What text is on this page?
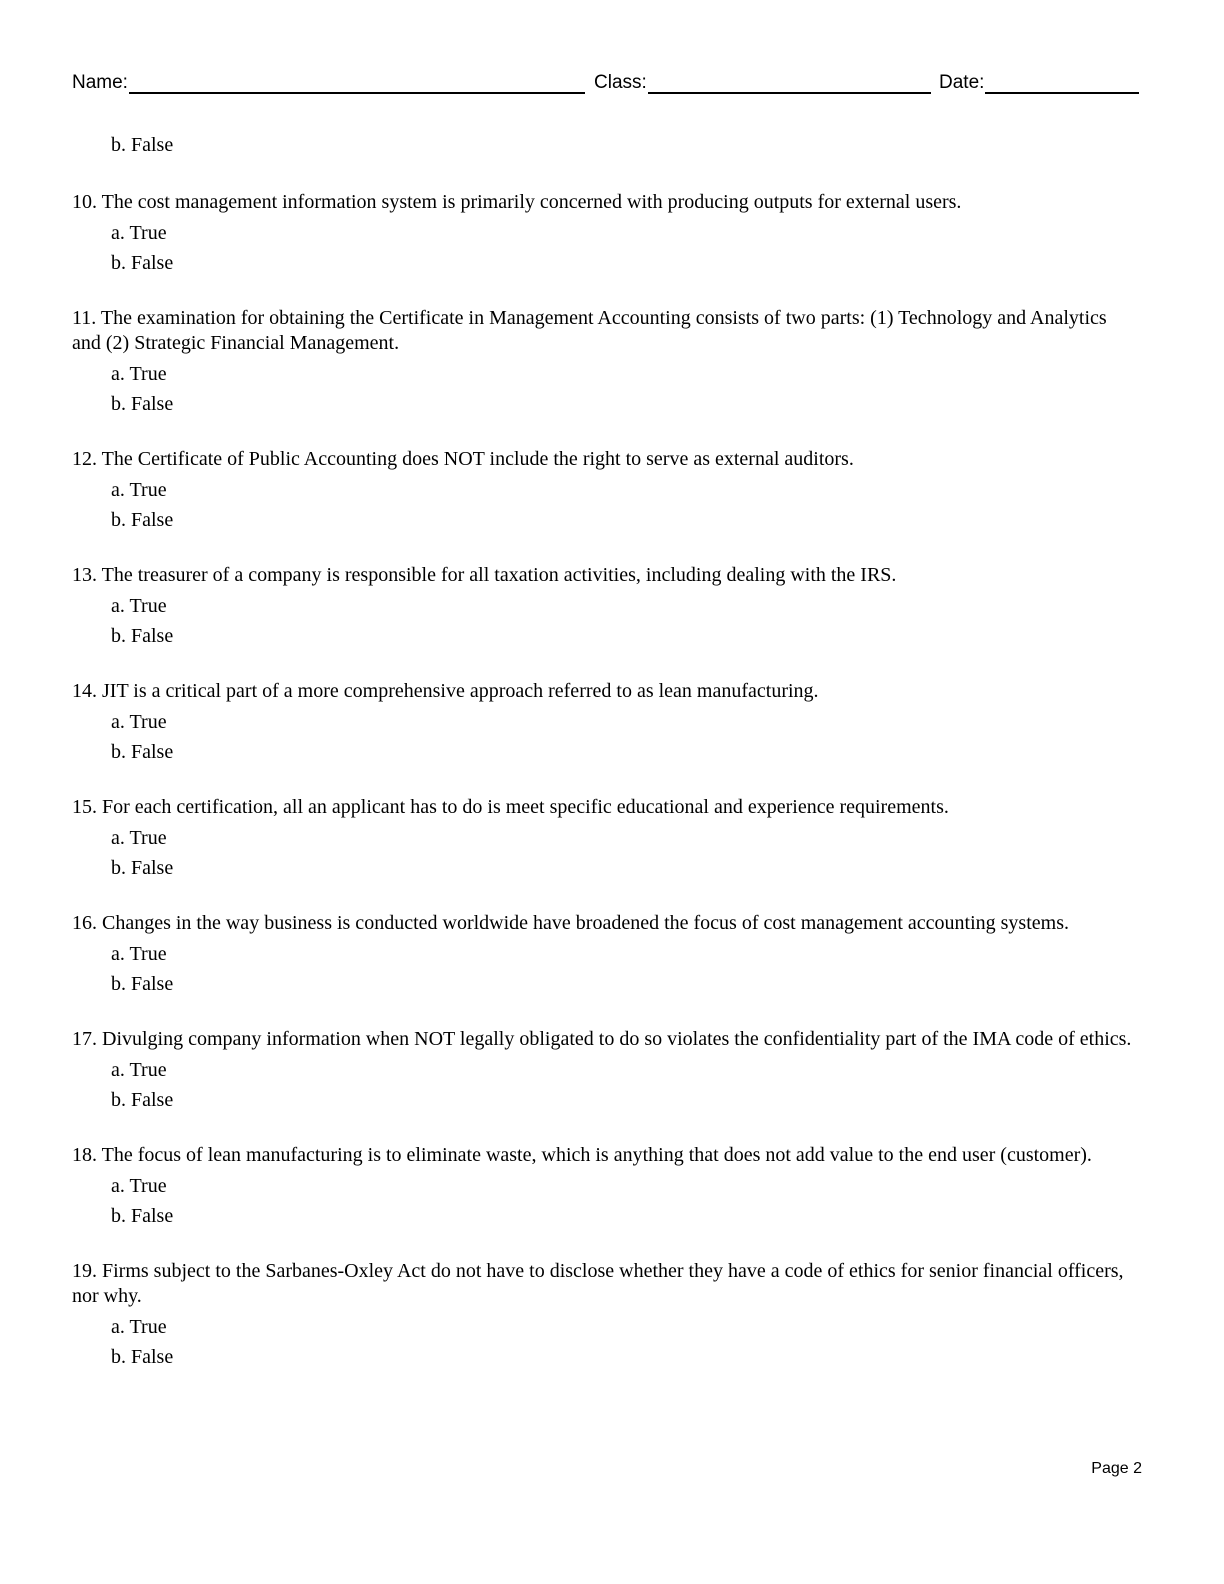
Name:	Class:	Date:
b. False

10. The cost management information system is primarily concerned with producing outputs for external users.

a. True
b. False

11. The examination for obtaining the Certificate in Management Accounting consists of two parts: (1) Technology and Analytics and (2) Strategic Financial Management.

a. True
b. False

12. The Certificate of Public Accounting does NOT include the right to serve as external auditors.

a. True
b. False

13. The treasurer of a company is responsible for all taxation activities, including dealing with the IRS.

a. True
b. False

14. JIT is a critical part of a more comprehensive approach referred to as lean manufacturing.

a. True
b. False

15. For each certification, all an applicant has to do is meet specific educational and experience requirements.

a. True
b. False

16. Changes in the way business is conducted worldwide have broadened the focus of cost management accounting systems.

a. True
b. False

17. Divulging company information when NOT legally obligated to do so violates the confidentiality part of the IMA code of ethics.

a. True
b. False

18. The focus of lean manufacturing is to eliminate waste, which is anything that does not add value to the end user (customer).

a. True
b. False

19. Firms subject to the Sarbanes-Oxley Act do not have to disclose whether they have a code of ethics for senior financial officers, nor why.

a. True
b. False
Page 2
